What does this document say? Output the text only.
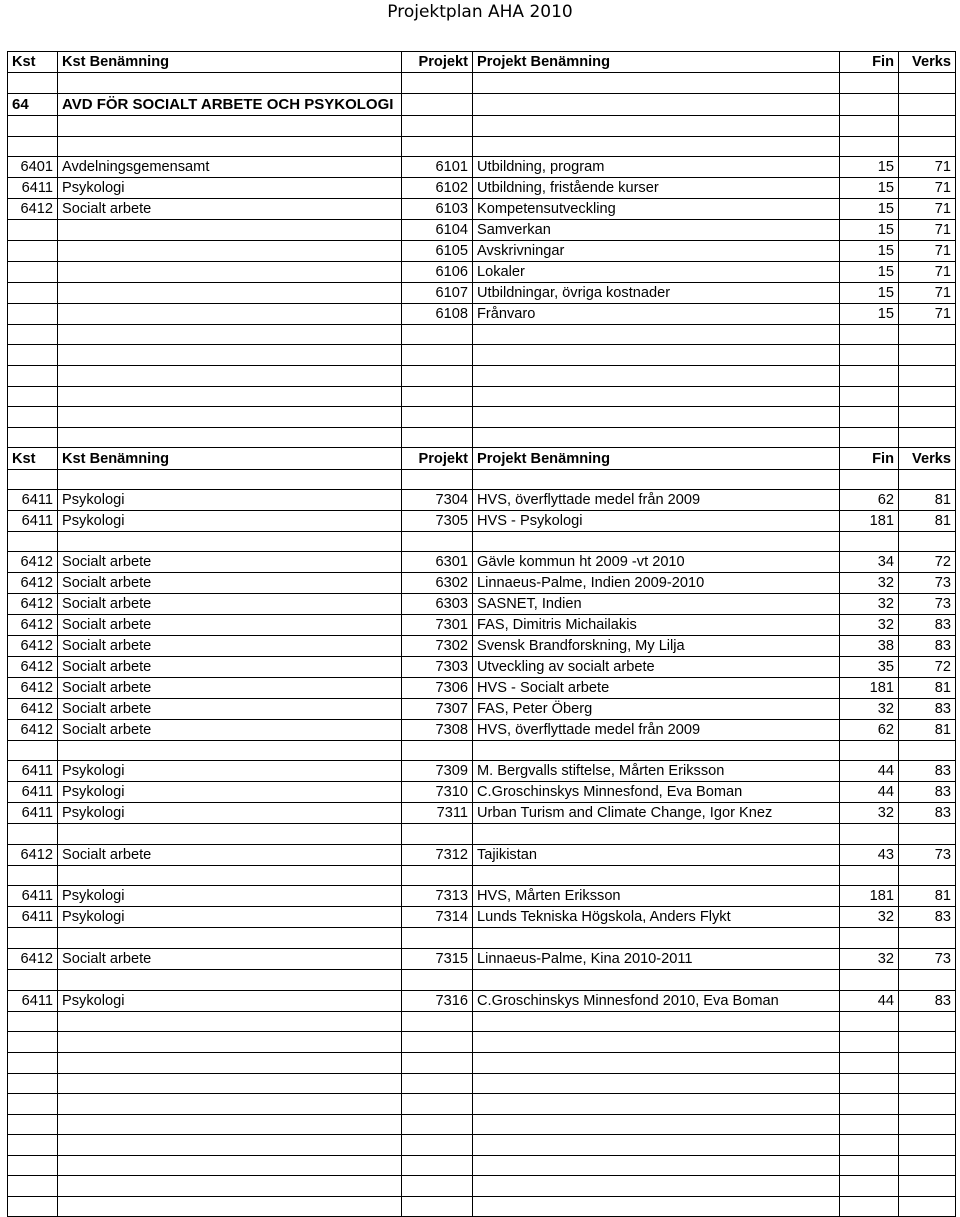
Projektplan AHA 2010
Kst	Kst Benämning	Projekt	Projekt Benämning	Fin	Verks

64	AVD FÖR SOCIALT ARBETE OCH PSYKOLOGI				

6401	Avdelningsgemensamt	6101	Utbildning, program	15	71
6411	Psykologi	6102	Utbildning, fristående kurser	15	71
6412	Socialt arbete	6103	Kompetensutveckling	15	71
		6104	Samverkan	15	71
		6105	Avskrivningar	15	71
		6106	Lokaler	15	71
		6107	Utbildningar, övriga kostnader	15	71
		6108	Frånvaro	15	71

Kst	Kst Benämning	Projekt	Projekt Benämning	Fin	Verks

6411	Psykologi	7304	HVS, överflyttade medel från 2009	62	81
6411	Psykologi	7305	HVS - Psykologi	181	81

6412	Socialt arbete	6301	Gävle kommun ht 2009 -vt 2010	34	72
6412	Socialt arbete	6302	Linnaeus-Palme, Indien 2009-2010	32	73
6412	Socialt arbete	6303	SASNET, Indien	32	73
6412	Socialt arbete	7301	FAS, Dimitris Michailakis	32	83
6412	Socialt arbete	7302	Svensk Brandforskning, My Lilja	38	83
6412	Socialt arbete	7303	Utveckling av socialt arbete	35	72
6412	Socialt arbete	7306	HVS - Socialt arbete	181	81
6412	Socialt arbete	7307	FAS, Peter Öberg	32	83
6412	Socialt arbete	7308	HVS, överflyttade medel från 2009	62	81

6411	Psykologi	7309	M. Bergvalls stiftelse, Mårten Eriksson	44	83
6411	Psykologi	7310	C.Groschinskys Minnesfond, Eva Boman	44	83
6411	Psykologi	7311	Urban Turism and Climate Change, Igor Knez	32	83

6412	Socialt arbete	7312	Tajikistan	43	73

6411	Psykologi	7313	HVS, Mårten Eriksson	181	81
6411	Psykologi	7314	Lunds Tekniska Högskola, Anders Flykt	32	83

6412	Socialt arbete	7315	Linnaeus-Palme, Kina 2010-2011	32	73

6411	Psykologi	7316	C.Groschinskys Minnesfond 2010, Eva Boman	44	83
